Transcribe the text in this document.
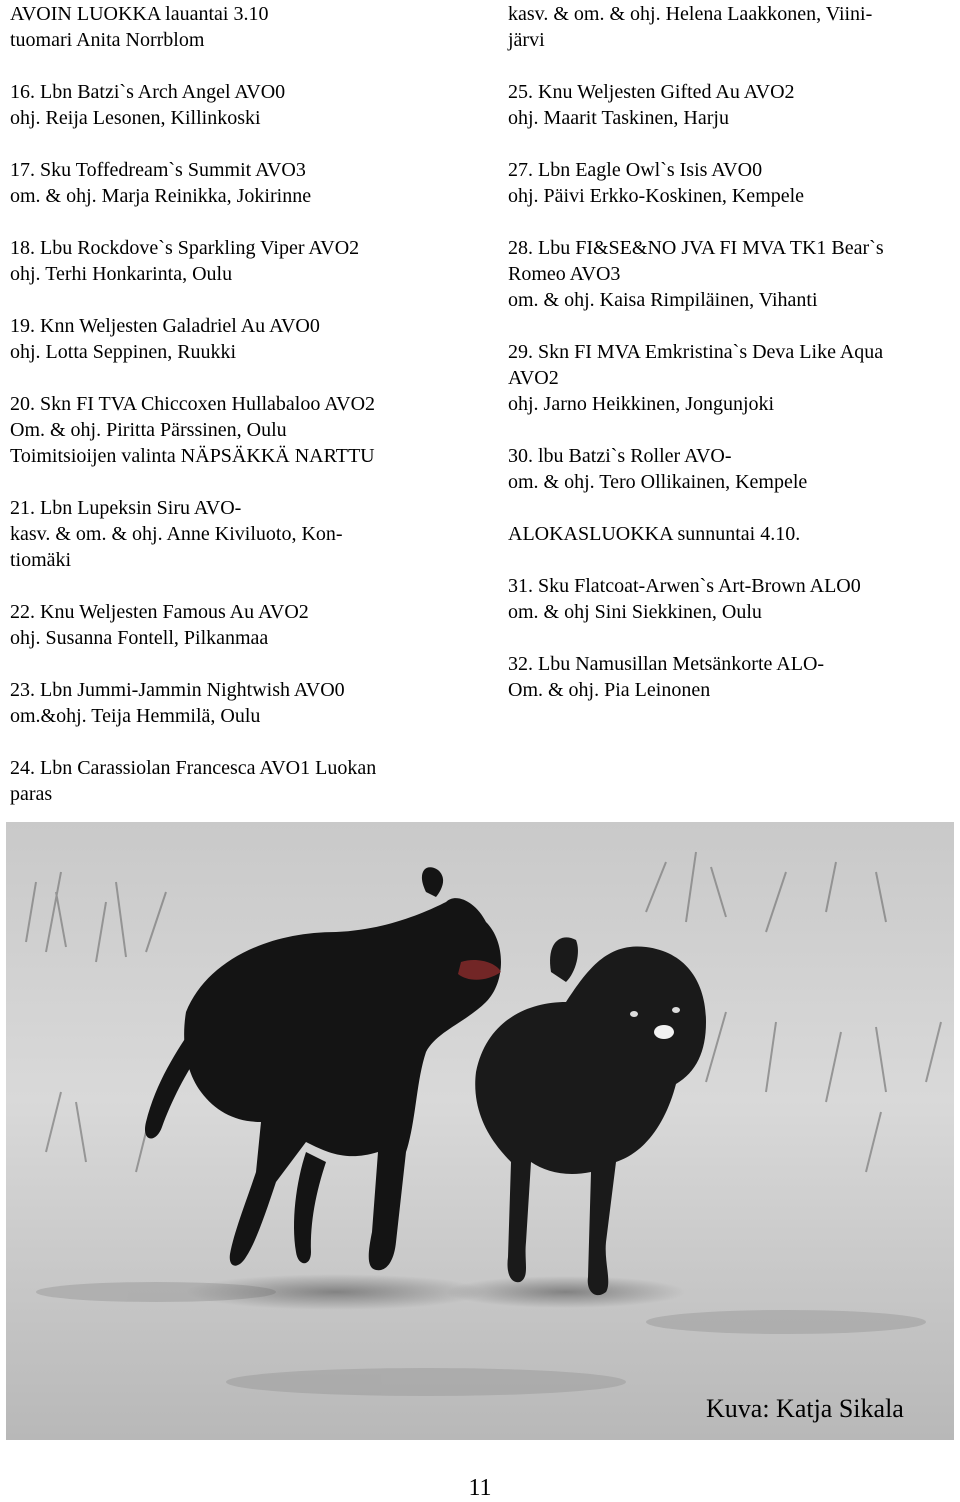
AVOIN LUOKKA lauantai 3.10
tuomari Anita Norrblom
16. Lbn Batzi`s Arch Angel AVO0
ohj. Reija Lesonen, Killinkoski
17. Sku Toffedream`s Summit AVO3
om. & ohj. Marja Reinikka, Jokirinne
18. Lbu Rockdove`s Sparkling Viper AVO2
ohj. Terhi Honkarinta, Oulu
19. Knn Weljesten Galadriel Au AVO0
ohj. Lotta Seppinen, Ruukki
20. Skn FI TVA Chiccoxen Hullabaloo AVO2
Om. & ohj. Piritta Pärssinen, Oulu
Toimitsioijen valinta NÄPSÄKKÄ NARTTU
21. Lbn Lupeksin Siru AVO-
kasv. & om. & ohj. Anne Kiviluoto, Kon-
tiomäki
22. Knu Weljesten Famous Au AVO2
ohj. Susanna Fontell, Pilkanmaa
23. Lbn Jummi-Jammin Nightwish AVO0
om.&ohj. Teija Hemmilä, Oulu
24. Lbn Carassiolan Francesca AVO1 Luokan
paras
kasv. & om. & ohj. Helena Laakkonen, Viini-
järvi
25. Knu Weljesten Gifted Au AVO2
ohj. Maarit Taskinen, Harju
27. Lbn Eagle Owl`s Isis AVO0
ohj. Päivi Erkko-Koskinen, Kempele
28. Lbu FI&SE&NO JVA FI MVA TK1 Bear`s
Romeo AVO3
om. & ohj. Kaisa Rimpiläinen, Vihanti
29. Skn FI MVA Emkristina`s Deva Like Aqua
AVO2
ohj. Jarno Heikkinen, Jongunjoki
30. lbu Batzi`s Roller AVO-
om. & ohj. Tero Ollikainen, Kempele
ALOKASLUOKKA sunnuntai 4.10.
31. Sku Flatcoat-Arwen`s Art-Brown ALO0
om. & ohj Sini Siekkinen, Oulu
32. Lbu Namusillan Metsänkorte ALO-
Om. & ohj. Pia Leinonen
Kuva: Katja Sikala
11
